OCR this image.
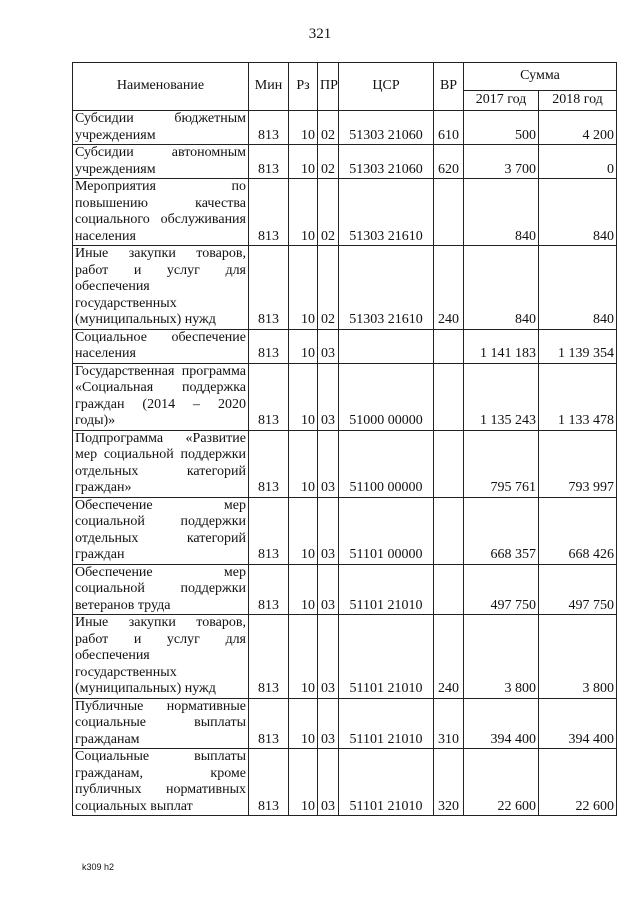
321
Наименование	Мин	Рз	ПР	ЦСР	ВР	Сумма	
						2017 год	2018 год
Субсидии бюджетным учреждениям	813	10	02	51303 21060	610	500	4 200
Субсидии автономным учреждениям	813	10	02	51303 21060	620	3 700	0
Мероприятия по повышению качества социального обслуживания населения	813	10	02	51303 21610		840	840
Иные закупки товаров, работ и услуг для обеспечения государственных (муниципальных) нужд	813	10	02	51303 21610	240	840	840
Социальное обеспечение населения	813	10	03			1 141 183	1 139 354
Государственная программа «Социальная поддержка граждан (2014 – 2020 годы)»	813	10	03	51000 00000		1 135 243	1 133 478
Подпрограмма «Развитие мер социальной поддержки отдельных категорий граждан»	813	10	03	51100 00000		795 761	793 997
Обеспечение мер социальной поддержки отдельных категорий граждан	813	10	03	51101 00000		668 357	668 426
Обеспечение мер социальной поддержки ветеранов труда	813	10	03	51101 21010		497 750	497 750
Иные закупки товаров, работ и услуг для обеспечения государственных (муниципальных) нужд	813	10	03	51101 21010	240	3 800	3 800
Публичные нормативные социальные выплаты гражданам	813	10	03	51101 21010	310	394 400	394 400
Социальные выплаты гражданам, кроме публичных нормативных социальных выплат	813	10	03	51101 21010	320	22 600	22 600
k309 h2
